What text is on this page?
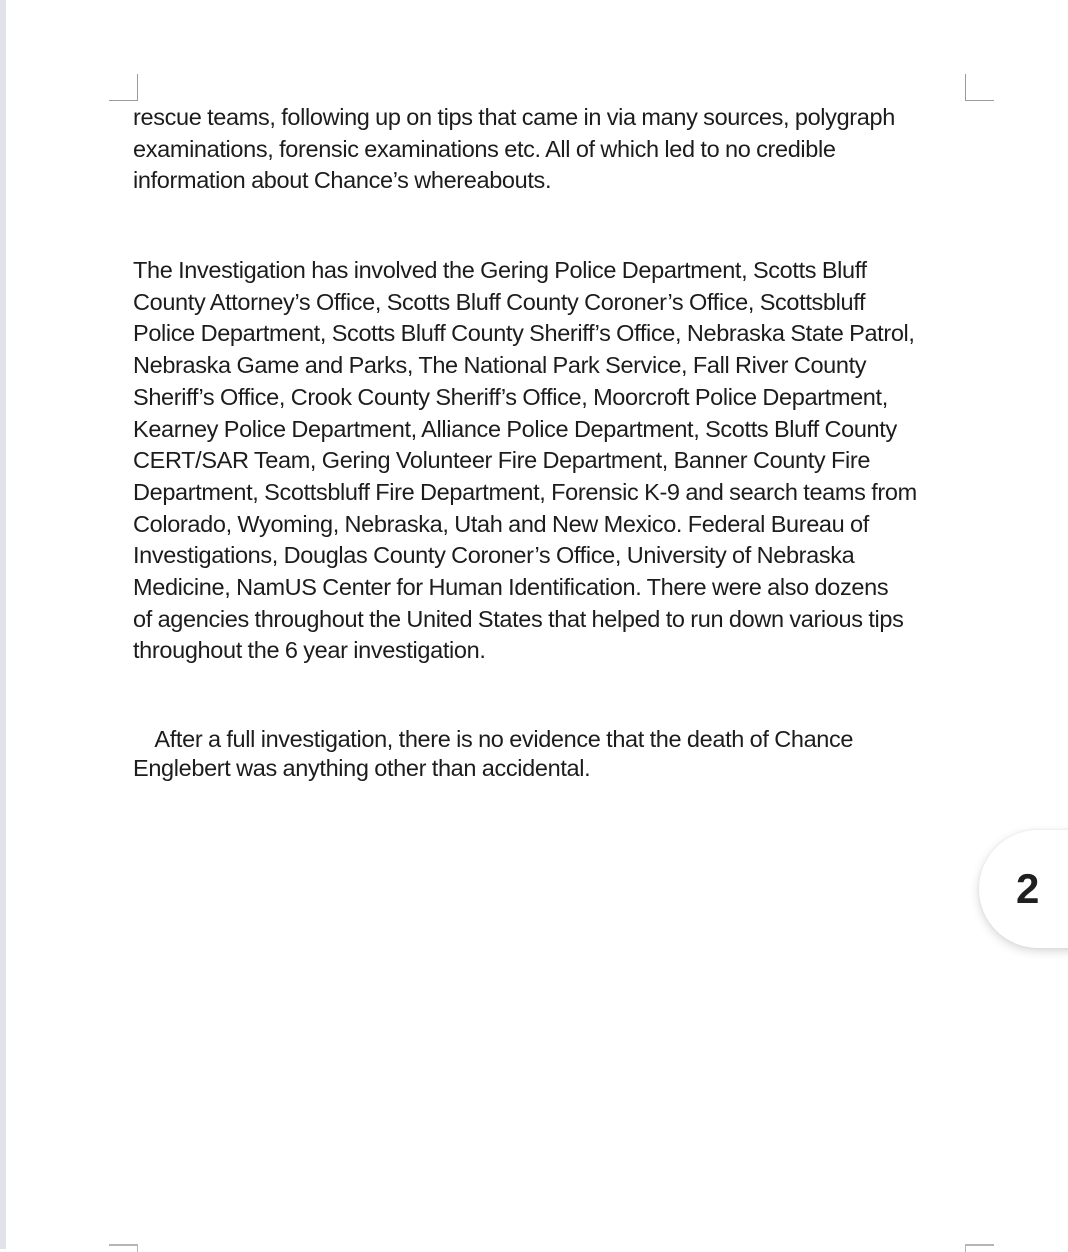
rescue teams, following up on tips that came in via many sources, polygraph
examinations, forensic examinations etc. All of which led to no credible
information about Chance’s whereabouts.
The Investigation has involved the Gering Police Department, Scotts Bluff
County Attorney’s Office, Scotts Bluff County Coroner’s Office, Scottsbluff
Police Department, Scotts Bluff County Sheriff’s Office, Nebraska State Patrol,
Nebraska Game and Parks, The National Park Service, Fall River County
Sheriff’s Office, Crook County Sheriff’s Office, Moorcroft Police Department,
Kearney Police Department, Alliance Police Department, Scotts Bluff County
CERT/SAR Team, Gering Volunteer Fire Department, Banner County Fire
Department, Scottsbluff Fire Department, Forensic K-9 and search teams from
Colorado, Wyoming, Nebraska, Utah and New Mexico. Federal Bureau of
Investigations, Douglas County Coroner’s Office, University of Nebraska
Medicine, NamUS Center for Human Identification. There were also dozens
of agencies throughout the United States that helped to run down various tips
throughout the 6 year investigation.
After a full investigation, there is no evidence that the death of Chance
Englebert was anything other than accidental.
2
